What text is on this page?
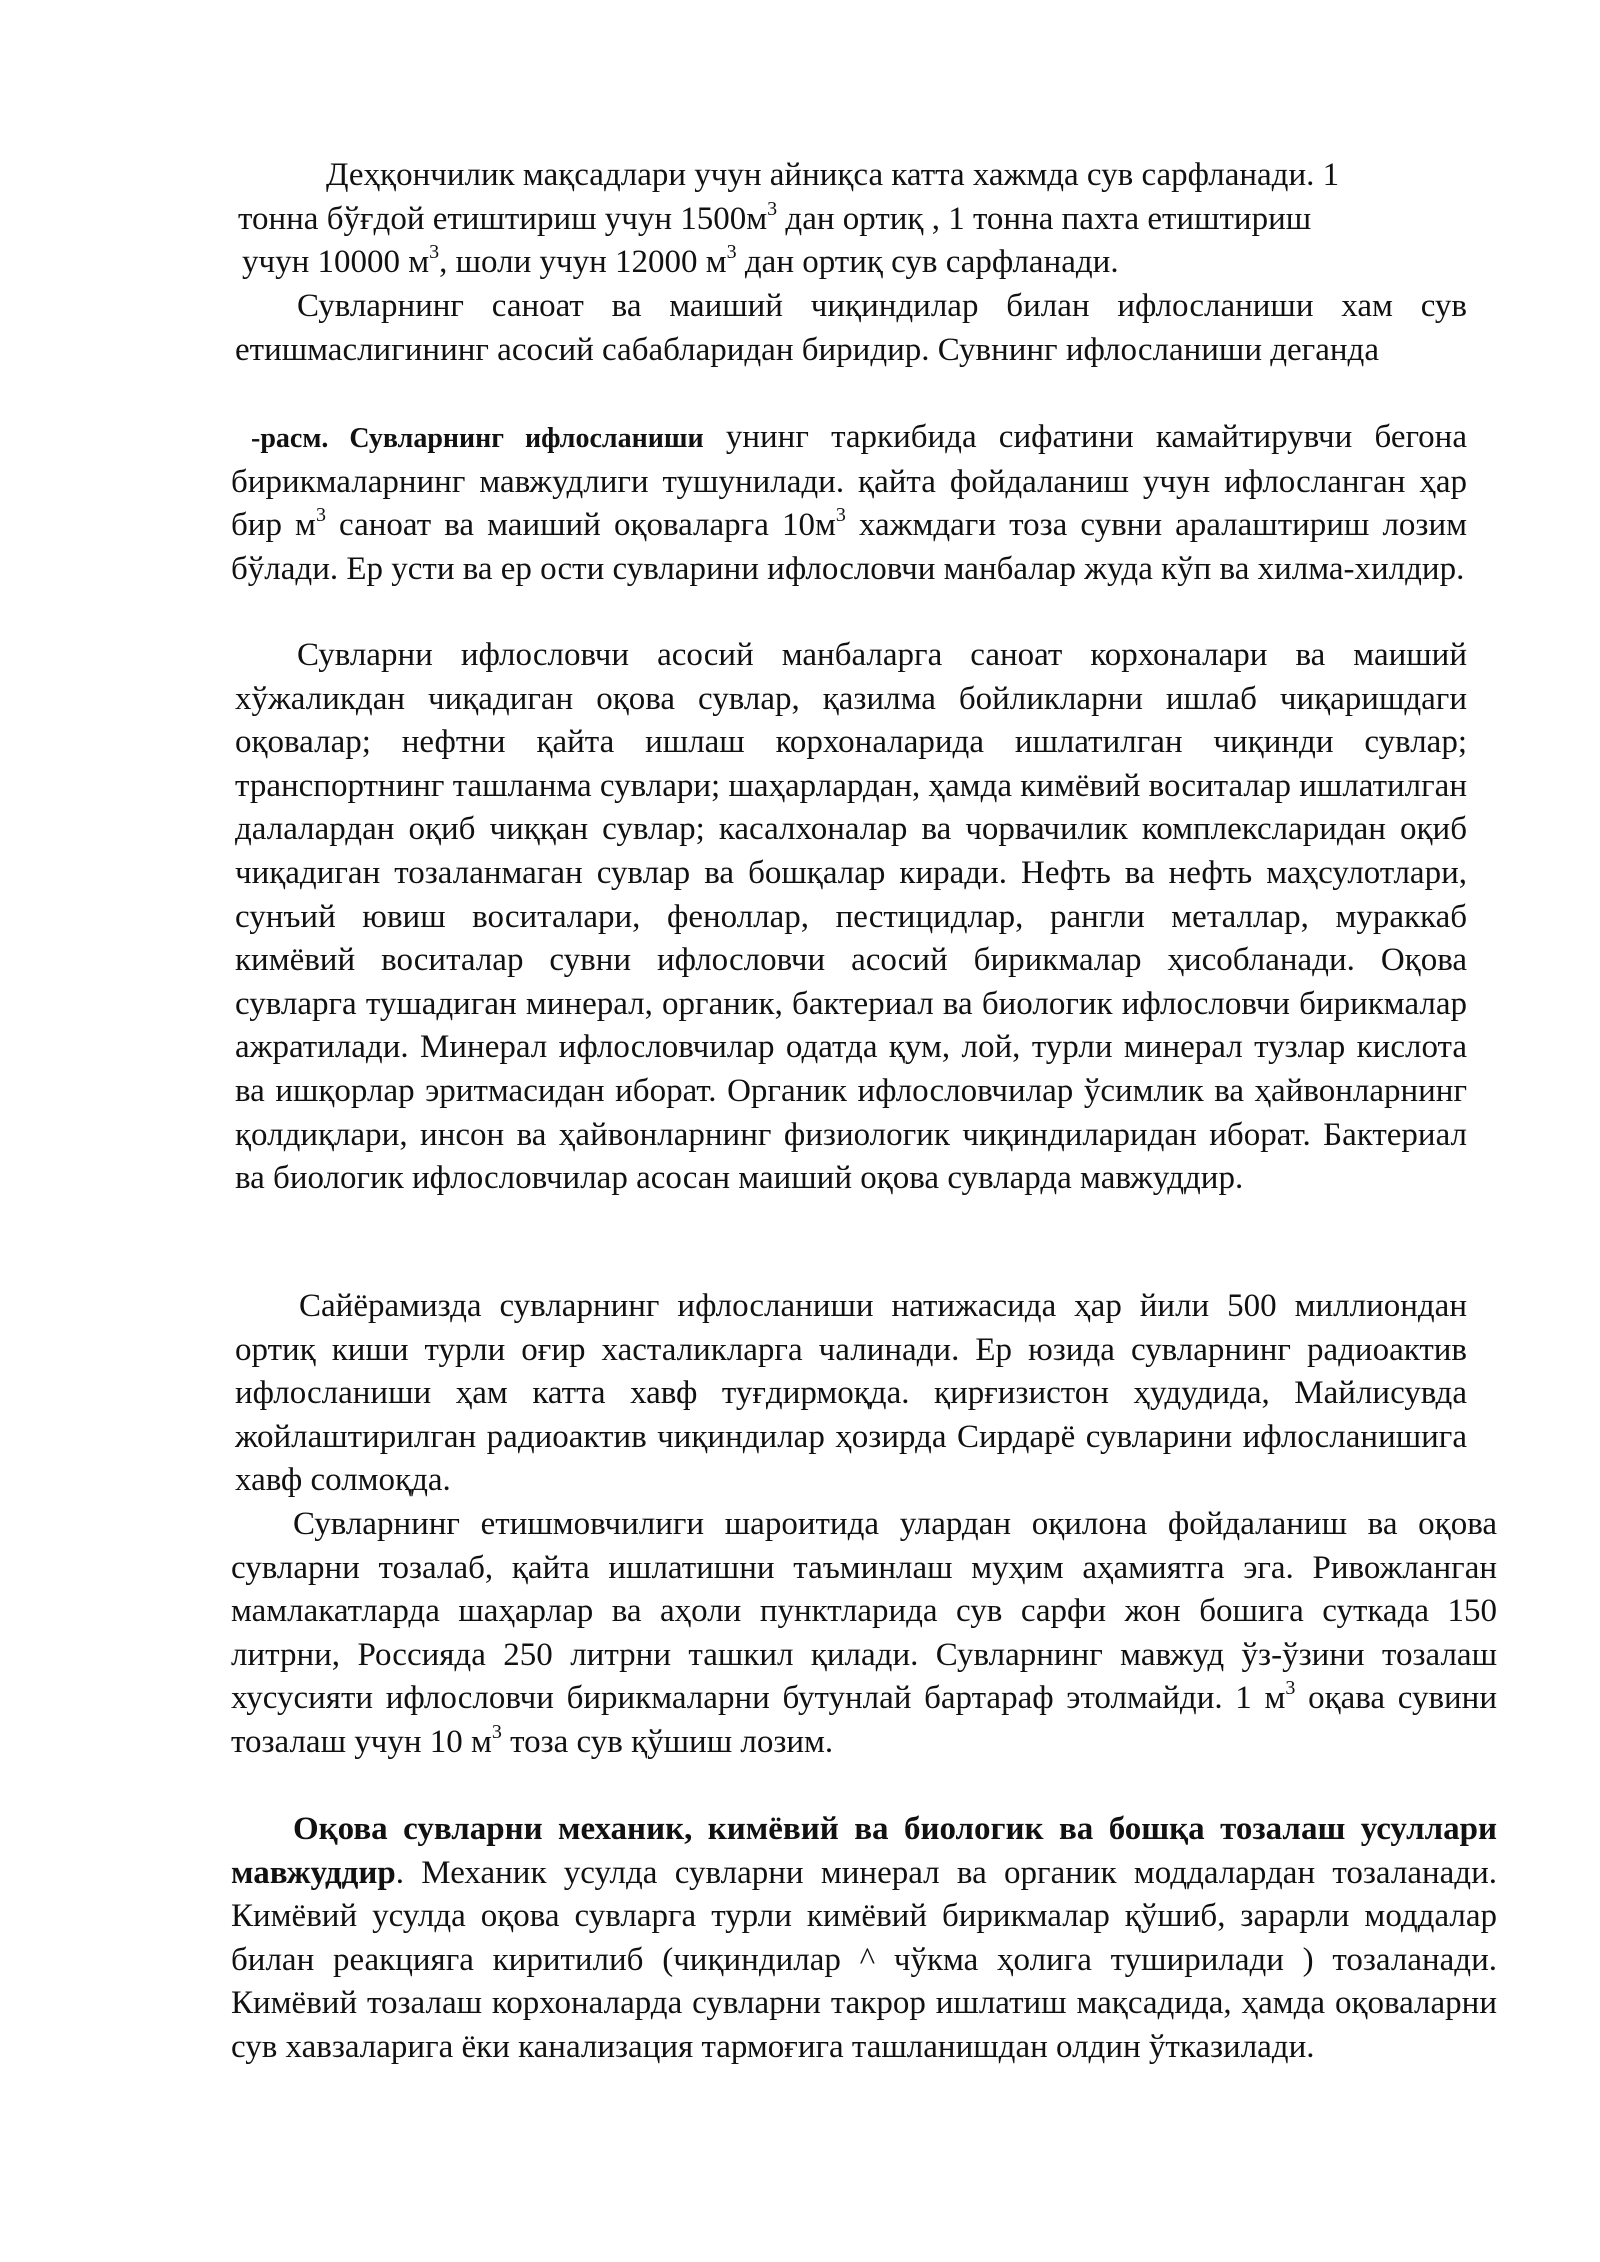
Деҳқончилик мақсадлари учун айниқса катта хажмда сув сарфланади. 1
тонна бўғдой етиштириш учун $1500м^3$ дан ортиқ , 1 тонна пахта етиштириш
учун 10000 $м^3$, шоли учун 12000 $м^3$ дан ортиқ сув сарфланади.

Сувларнинг саноат ва маиший чиқиндилар билан ифлосланиши хам сув етишмаслигининг асосий сабабларидан биридир. Сувнинг ифлосланиши деганда

-расм. Сувларнинг ифлосланиши унинг таркибида сифатини камайтирувчи бегона бирикмаларнинг мавжудлиги тушунилади. қайта фойдаланиш учун ифлосланган ҳар бир $м^3$ саноат ва маиший оқоваларга $10м^3$ хажмдаги тоза сувни аралаштириш лозим бўлади. Ер усти ва ер ости сувларини ифлословчи манбалар жуда кўп ва хилма-хилдир.

Сувларни ифлословчи асосий манбаларга саноат корхоналари ва маиший хўжаликдан чиқадиган оқова сувлар, қазилма бойликларни ишлаб чиқаришдаги оқовалар; нефтни қайта ишлаш корхоналарида ишлатилган чиқинди сувлар; транспортнинг ташланма сувлари; шаҳарлардан, ҳамда кимёвий воситалар ишлатилган далалардан оқиб чиққан сувлар; касалхоналар ва чорвачилик комплексларидан оқиб чиқадиган тозаланмаган сувлар ва бошқалар киради. Нефть ва нефть маҳсулотлари, сунъий ювиш воситалари, феноллар, пестицидлар, рангли металлар, мураккаб кимёвий воситалар сувни ифлословчи асосий бирикмалар ҳисобланади. Оқова сувларга тушадиган минерал, органик, бактериал ва биологик ифлословчи бирикмалар ажратилади. Минерал ифлословчилар одатда қум, лой, турли минерал тузлар кислота ва ишқорлар эритмасидан иборат. Органик ифлословчилар ўсимлик ва ҳайвонларнинг қолдиқлари, инсон ва ҳайвонларнинг физиологик чиқиндиларидан иборат. Бактериал ва биологик ифлословчилар асосан маиший оқова сувларда мавжуддир.

Сайёрамизда сувларнинг ифлосланиши натижасида ҳар йили 500 миллиондан ортиқ киши турли оғир хасталикларга чалинади. Ер юзида сувларнинг радиоактив ифлосланиши ҳам катта хавф туғдирмоқда. қирғизистон ҳудудида, Майлисувда жойлаштирилган радиоактив чиқиндилар ҳозирда Сирдарё сувларини ифлосланишига хавф солмоқда.

Сувларнинг етишмовчилиги шароитида улардан оқилона фойдаланиш ва оқова сувларни тозалаб, қайта ишлатишни таъминлаш муҳим аҳамиятга эга. Ривожланган мамлакатларда шаҳарлар ва аҳоли пунктларида сув сарфи жон бошига суткада 150 литрни, Россияда 250 литрни ташкил қилади. Сувларнинг мавжуд ўз-ўзини тозалаш хусусияти ифлословчи бирикмаларни бутунлай бартараф этолмайди. 1 $м^3$ оқава сувини тозалаш учун 10 $м^3$ тоза сув қўшиш лозим.

Оқова сувларни механик, кимёвий ва биологик ва бошқа тозалаш усуллари мавжуддир. Механик усулда сувларни минерал ва органик моддалардан тозаланади. Кимёвий усулда оқова сувларга турли кимёвий бирикмалар қўшиб, зарарли моддалар билан реакцияга киритилиб (чиқиндилар ^ чўкма ҳолига туширилади ) тозаланади. Кимёвий тозалаш корхоналарда сувларни такрор ишлатиш мақсадида, ҳамда оқоваларни сув хавзаларига ёки канализация тармоғига ташланишдан олдин ўтказилади.
